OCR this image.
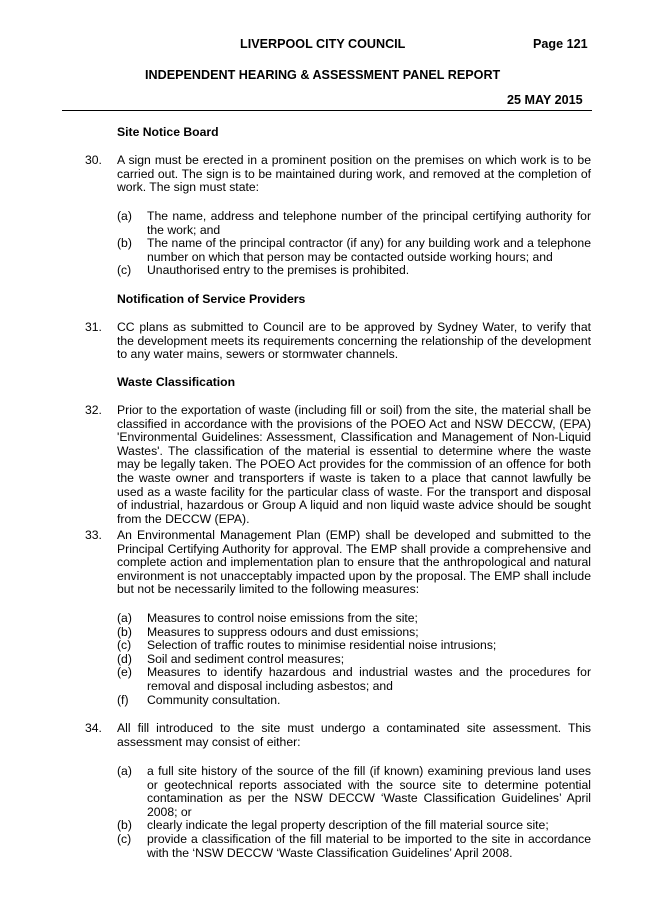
LIVERPOOL CITY COUNCIL	Page 121
INDEPENDENT HEARING & ASSESSMENT PANEL REPORT
25 MAY 2015
Site Notice Board
30. A sign must be erected in a prominent position on the premises on which work is to be carried out. The sign is to be maintained during work, and removed at the completion of work. The sign must state:
(a) The name, address and telephone number of the principal certifying authority for the work; and
(b) The name of the principal contractor (if any) for any building work and a telephone number on which that person may be contacted outside working hours; and
(c) Unauthorised entry to the premises is prohibited.
Notification of Service Providers
31. CC plans as submitted to Council are to be approved by Sydney Water, to verify that the development meets its requirements concerning the relationship of the development to any water mains, sewers or stormwater channels.
Waste Classification
32. Prior to the exportation of waste (including fill or soil) from the site, the material shall be classified in accordance with the provisions of the POEO Act and NSW DECCW, (EPA) 'Environmental Guidelines: Assessment, Classification and Management of Non-Liquid Wastes'. The classification of the material is essential to determine where the waste may be legally taken. The POEO Act provides for the commission of an offence for both the waste owner and transporters if waste is taken to a place that cannot lawfully be used as a waste facility for the particular class of waste. For the transport and disposal of industrial, hazardous or Group A liquid and non liquid waste advice should be sought from the DECCW (EPA).
33. An Environmental Management Plan (EMP) shall be developed and submitted to the Principal Certifying Authority for approval. The EMP shall provide a comprehensive and complete action and implementation plan to ensure that the anthropological and natural environment is not unacceptably impacted upon by the proposal. The EMP shall include but not be necessarily limited to the following measures:
(a) Measures to control noise emissions from the site;
(b) Measures to suppress odours and dust emissions;
(c) Selection of traffic routes to minimise residential noise intrusions;
(d) Soil and sediment control measures;
(e) Measures to identify hazardous and industrial wastes and the procedures for removal and disposal including asbestos; and
(f) Community consultation.
34. All fill introduced to the site must undergo a contaminated site assessment. This assessment may consist of either:
(a) a full site history of the source of the fill (if known) examining previous land uses or geotechnical reports associated with the source site to determine potential contamination as per the NSW DECCW ‘Waste Classification Guidelines’ April 2008; or
(b) clearly indicate the legal property description of the fill material source site;
(c) provide a classification of the fill material to be imported to the site in accordance with the ‘NSW DECCW ‘Waste Classification Guidelines’ April 2008.
